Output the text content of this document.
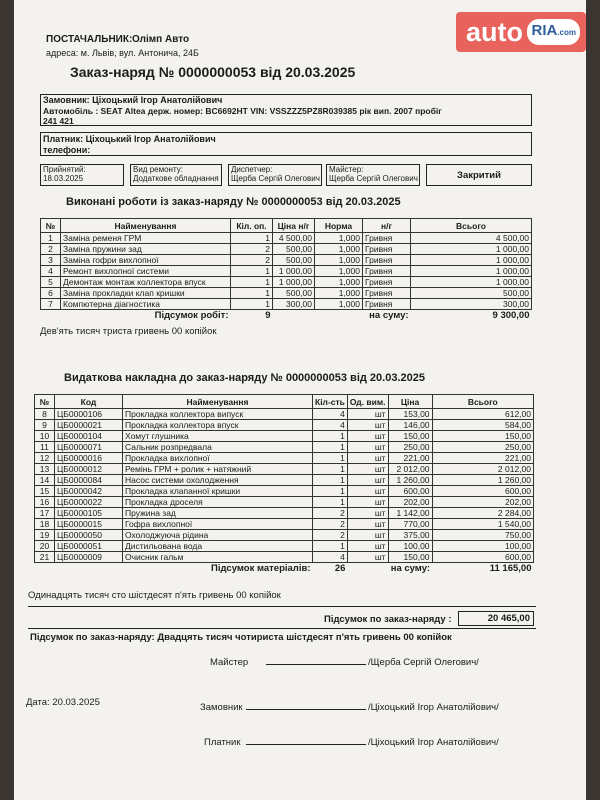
ПОСТАЧАЛЬНИК: Олімп Авто
адреса: м. Львів, вул. Антонича, 24Б
Заказ-наряд № 0000000053 від 20.03.2025
Замовник: Ціхоцький Ігор Анатолійович
Автомобіль : SEAT Altea держ. номер: BC6692HT VIN: VSSZZZ5PZ8R039385 рік вип. 2007 пробіг
241 421
Платник: Ціхоцький Ігор Анатолійович
телефони:
Прийнятий:
18.03.2025
Вид ремонту:
Додаткове обладнання
Диспетчер:
Щерба Сергій Олегович
Майстер:
Щерба Сергій Олегович	Закритий
Виконані роботи із заказ-наряду № 0000000053 від 20.03.2025
№	Найменування	Кіл. оп.	Ціна н/г	Норма	н/г	Всього
1	Заміна ременя ГРМ	1	4 500,00	1,000	Гривня	4 500,00
2	Заміна пружини зад	2	500,00	1,000	Гривня	1 000,00
3	Заміна гофри вихлопної	2	500,00	1,000	Гривня	1 000,00
4	Ремонт вихлопної системи	1	1 000,00	1,000	Гривня	1 000,00
5	Демонтаж монтаж коллектора впуск	1	1 000,00	1,000	Гривня	1 000,00
6	Заміна прокладки клап кришки	1	500,00	1,000	Гривня	500,00
7	Компютерна діагностика	1	300,00	1,000	Гривня	300,00
Підсумок робіт:		9		на суму:		9 300,00
Дев'ять тисяч триста гривень 00 копійок
Видаткова накладна до заказ-наряду № 0000000053 від 20.03.2025
№	Код	Найменування	Кіл-сть	Од. вим.	Ціна	Всього
8	ЦБ0000106	Прокладка коллектора випуск	4	шт	153,00	612,00
9	ЦБ0000021	Прокладка коллектора впуск	4	шт	146,00	584,00
10	ЦБ0000104	Хомут глушника	1	шт	150,00	150,00
11	ЦБ0000071	Сальник розпредвала	1	шт	250,00	250,00
12	ЦБ0000016	Прокладка вихлопної	1	шт	221,00	221,00
13	ЦБ0000012	Ремінь ГРМ + ролик + натяжний	1	шт	2 012,00	2 012,00
14	ЦБ0000084	Насос системи охолодження	1	шт	1 260,00	1 260,00
15	ЦБ0000042	Прокладка клапанної кришки	1	шт	600,00	600,00
16	ЦБ0000022	Прокладка дроселя	1	шт	202,00	202,00
17	ЦБ0000105	Пружина зад	2	шт	1 142,00	2 284,00
18	ЦБ0000015	Гофра вихлопної	2	шт	770,00	1 540,00
19	ЦБ0000050	Охолоджуюча рідина	2	шт	375,00	750,00
20	ЦБ0000051	Дистильована вода	1	шт	100,00	100,00
21	ЦБ0000009	Очисник гальм	4	шт	150,00	600,00
Підсумок матеріалів:			26	на суму:		11 165,00
Одинадцять тисяч сто шістдесят п'ять гривень 00 копійок
Підсумок по заказ-наряду :	20 465,00
Підсумок по заказ-наряду: Двадцять тисяч чотириста шістдесят п'ять гривень 00 копійок
Майстер	/Щерба Сергій Олегович/
Дата: 20.03.2025	Замовник	/Ціхоцький Ігор Анатолійович/
Платник	/Ціхоцький Ігор Анатолійович/
auto RIA.com
